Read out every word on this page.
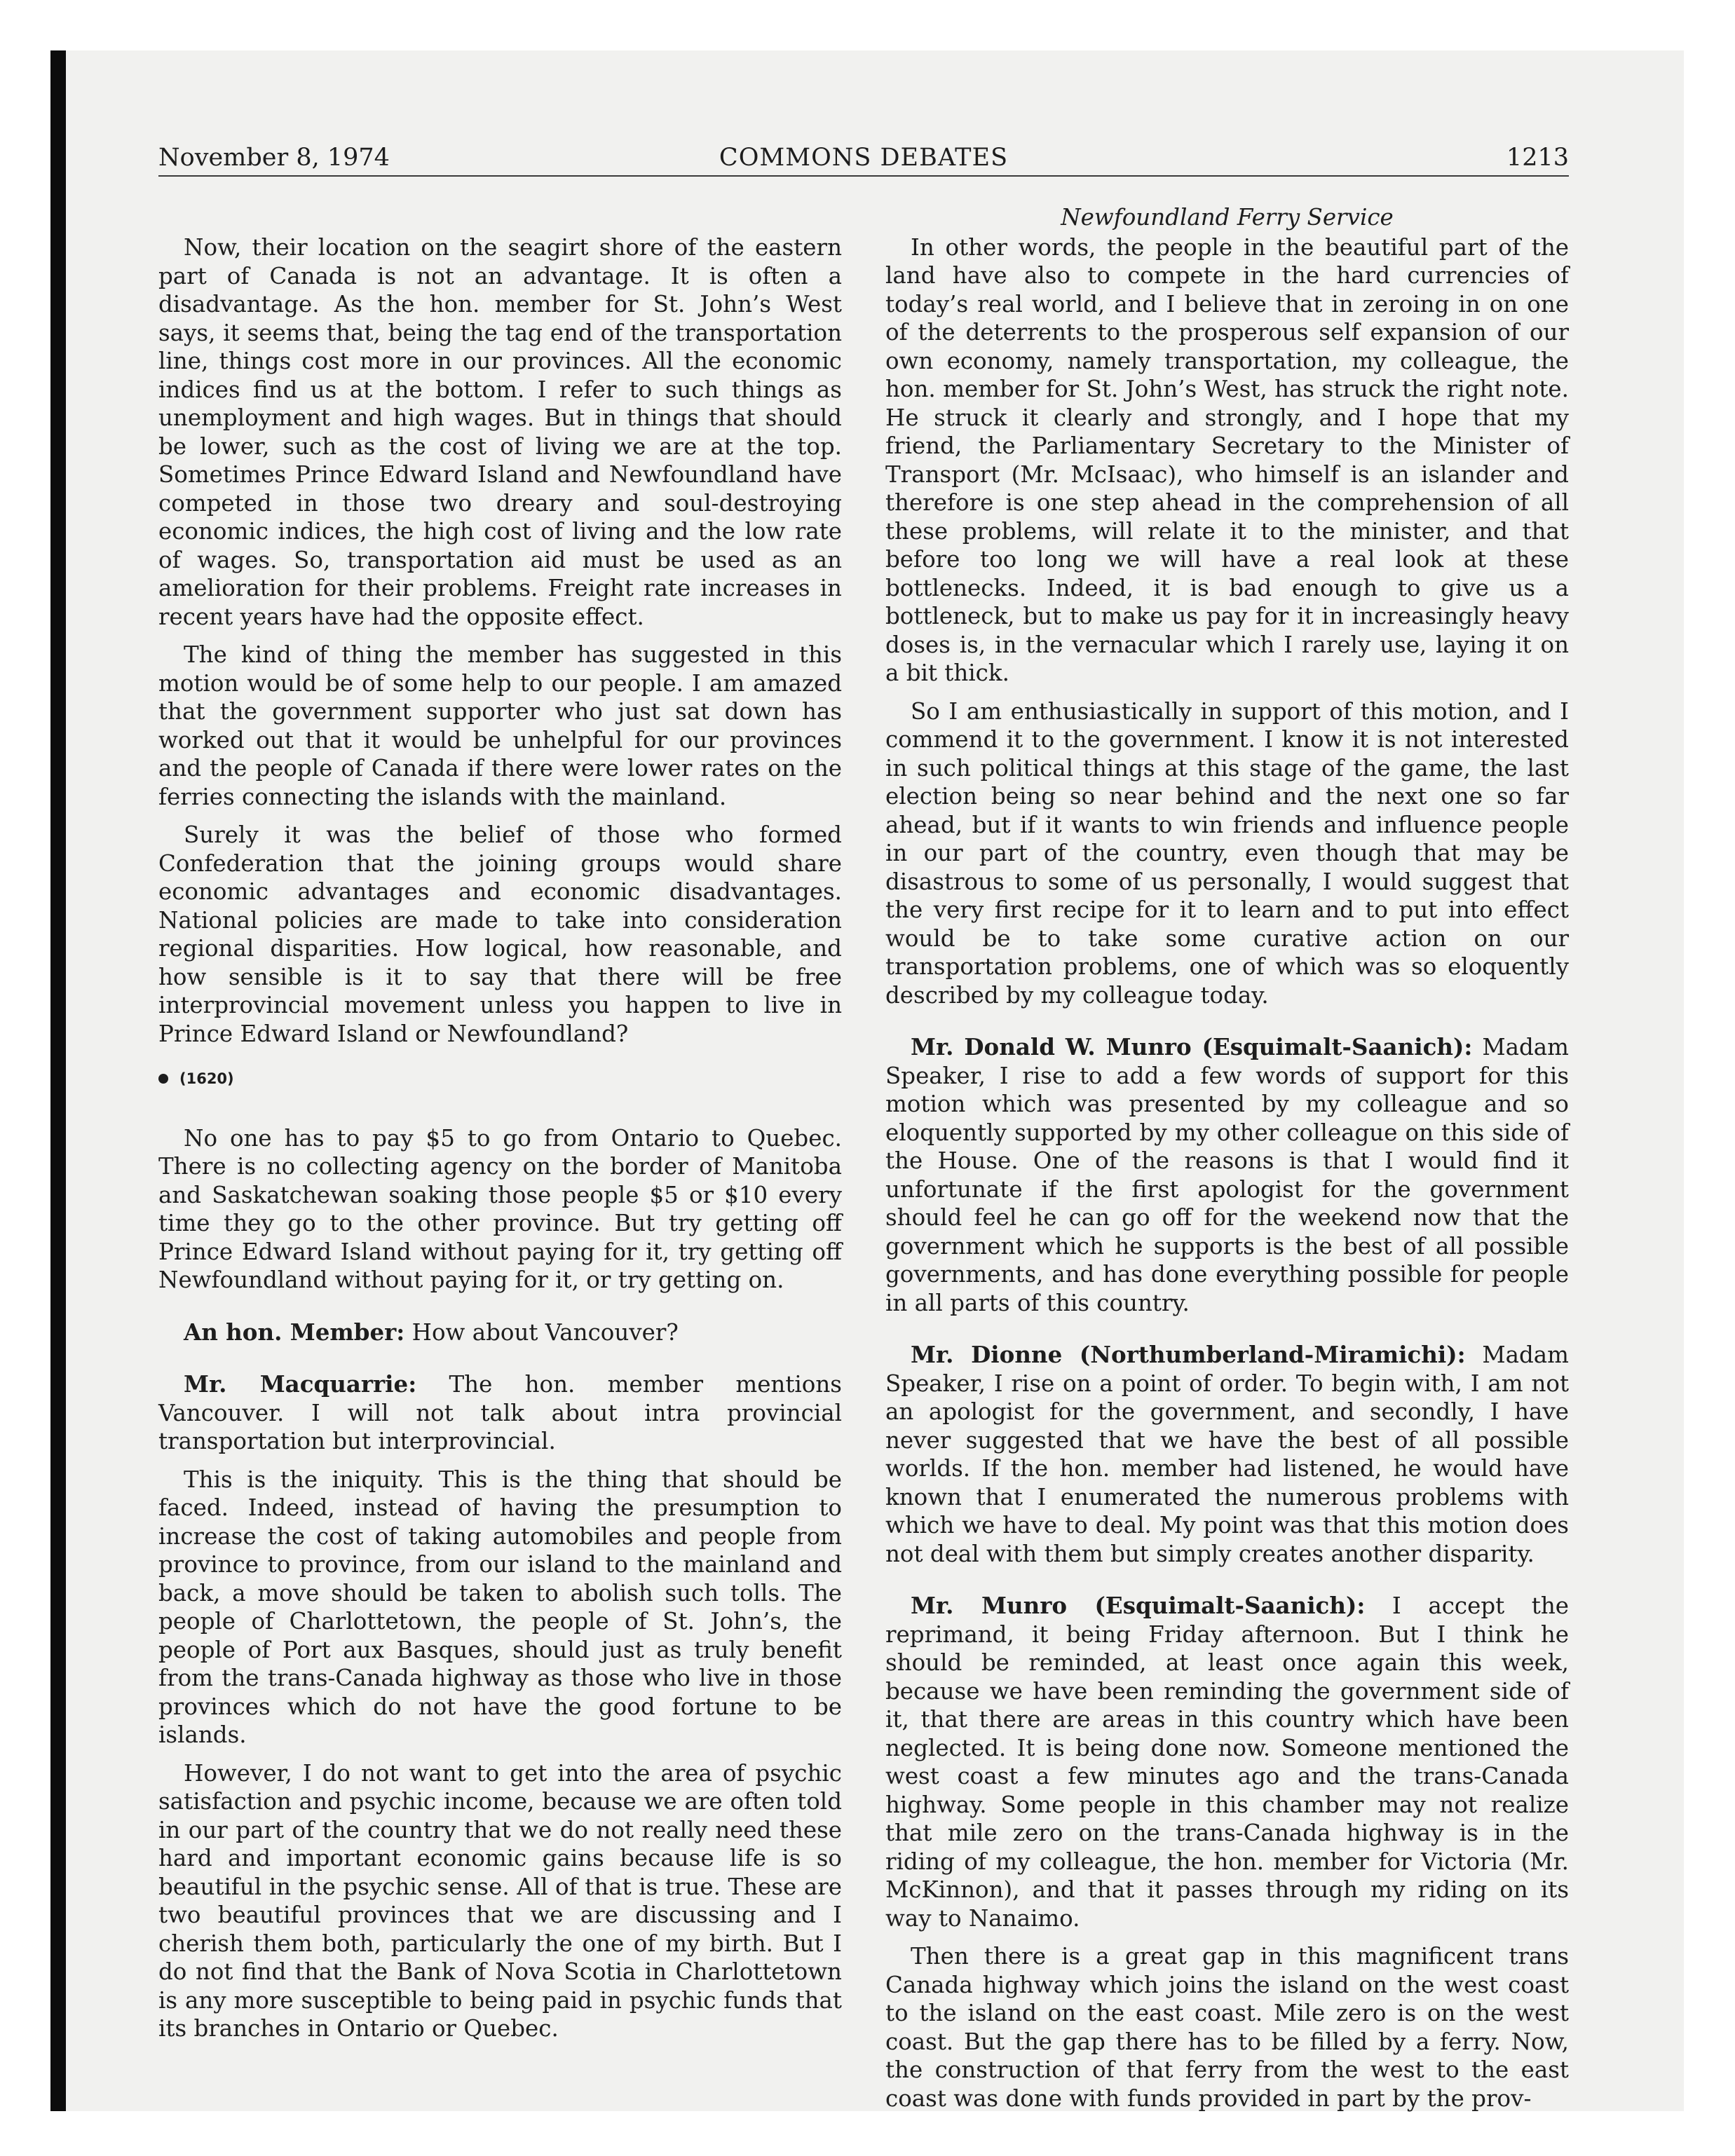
November 8, 1974	COMMONS DEBATES	1213

Now, their location on the seagirt shore of the eastern part of Canada is not an advantage. It is often a disadvantage. As the hon. member for St. John’s West says, it seems that, being the tag end of the transportation line, things cost more in our provinces. All the economic indices find us at the bottom. I refer to such things as unemployment and high wages. But in things that should be lower, such as the cost of living we are at the top. Sometimes Prince Edward Island and Newfoundland have competed in those two dreary and soul-destroying economic indices, the high cost of living and the low rate of wages. So, transportation aid must be used as an amelioration for their problems. Freight rate increases in recent years have had the opposite effect.

The kind of thing the member has suggested in this motion would be of some help to our people. I am amazed that the government supporter who just sat down has worked out that it would be unhelpful for our provinces and the people of Canada if there were lower rates on the ferries connecting the islands with the mainland.

Surely it was the belief of those who formed Confederation that the joining groups would share economic advantages and economic disadvantages. National policies are made to take into consideration regional disparities. How logical, how reasonable, and how sensible is it to say that there will be free interprovincial movement unless you happen to live in Prince Edward Island or Newfoundland?

(1620)

No one has to pay $5 to go from Ontario to Quebec. There is no collecting agency on the border of Manitoba and Saskatchewan soaking those people $5 or $10 every time they go to the other province. But try getting off Prince Edward Island without paying for it, try getting off Newfoundland without paying for it, or try getting on.

An hon. Member: How about Vancouver?

Mr. Macquarrie: The hon. member mentions Vancouver. I will not talk about intra provincial transportation but interprovincial.

This is the iniquity. This is the thing that should be faced. Indeed, instead of having the presumption to increase the cost of taking automobiles and people from province to province, from our island to the mainland and back, a move should be taken to abolish such tolls. The people of Charlottetown, the people of St. John’s, the people of Port aux Basques, should just as truly benefit from the trans-Canada highway as those who live in those provinces which do not have the good fortune to be islands.

However, I do not want to get into the area of psychic satisfaction and psychic income, because we are often told in our part of the country that we do not really need these hard and important economic gains because life is so beautiful in the psychic sense. All of that is true. These are two beautiful provinces that we are discussing and I cherish them both, particularly the one of my birth. But I do not find that the Bank of Nova Scotia in Charlottetown is any more susceptible to being paid in psychic funds that its branches in Ontario or Quebec.

Newfoundland Ferry Service

In other words, the people in the beautiful part of the land have also to compete in the hard currencies of today’s real world, and I believe that in zeroing in on one of the deterrents to the prosperous self expansion of our own economy, namely transportation, my colleague, the hon. member for St. John’s West, has struck the right note. He struck it clearly and strongly, and I hope that my friend, the Parliamentary Secretary to the Minister of Transport (Mr. McIsaac), who himself is an islander and therefore is one step ahead in the comprehension of all these problems, will relate it to the minister, and that before too long we will have a real look at these bottlenecks. Indeed, it is bad enough to give us a bottleneck, but to make us pay for it in increasingly heavy doses is, in the vernacular which I rarely use, laying it on a bit thick.

So I am enthusiastically in support of this motion, and I commend it to the government. I know it is not interested in such political things at this stage of the game, the last election being so near behind and the next one so far ahead, but if it wants to win friends and influence people in our part of the country, even though that may be disastrous to some of us personally, I would suggest that the very first recipe for it to learn and to put into effect would be to take some curative action on our transportation problems, one of which was so eloquently described by my colleague today.

Mr. Donald W. Munro (Esquimalt-Saanich): Madam Speaker, I rise to add a few words of support for this motion which was presented by my colleague and so eloquently supported by my other colleague on this side of the House. One of the reasons is that I would find it unfortunate if the first apologist for the government should feel he can go off for the weekend now that the government which he supports is the best of all possible governments, and has done everything possible for people in all parts of this country.

Mr. Dionne (Northumberland-Miramichi): Madam Speaker, I rise on a point of order. To begin with, I am not an apologist for the government, and secondly, I have never suggested that we have the best of all possible worlds. If the hon. member had listened, he would have known that I enumerated the numerous problems with which we have to deal. My point was that this motion does not deal with them but simply creates another disparity.

Mr. Munro (Esquimalt-Saanich): I accept the reprimand, it being Friday afternoon. But I think he should be reminded, at least once again this week, because we have been reminding the government side of it, that there are areas in this country which have been neglected. It is being done now. Someone mentioned the west coast a few minutes ago and the trans-Canada highway. Some people in this chamber may not realize that mile zero on the trans-Canada highway is in the riding of my colleague, the hon. member for Victoria (Mr. McKinnon), and that it passes through my riding on its way to Nanaimo.

Then there is a great gap in this magnificent trans Canada highway which joins the island on the west coast to the island on the east coast. Mile zero is on the west coast. But the gap there has to be filled by a ferry. Now, the construction of that ferry from the west to the east coast was done with funds provided in part by the prov-
